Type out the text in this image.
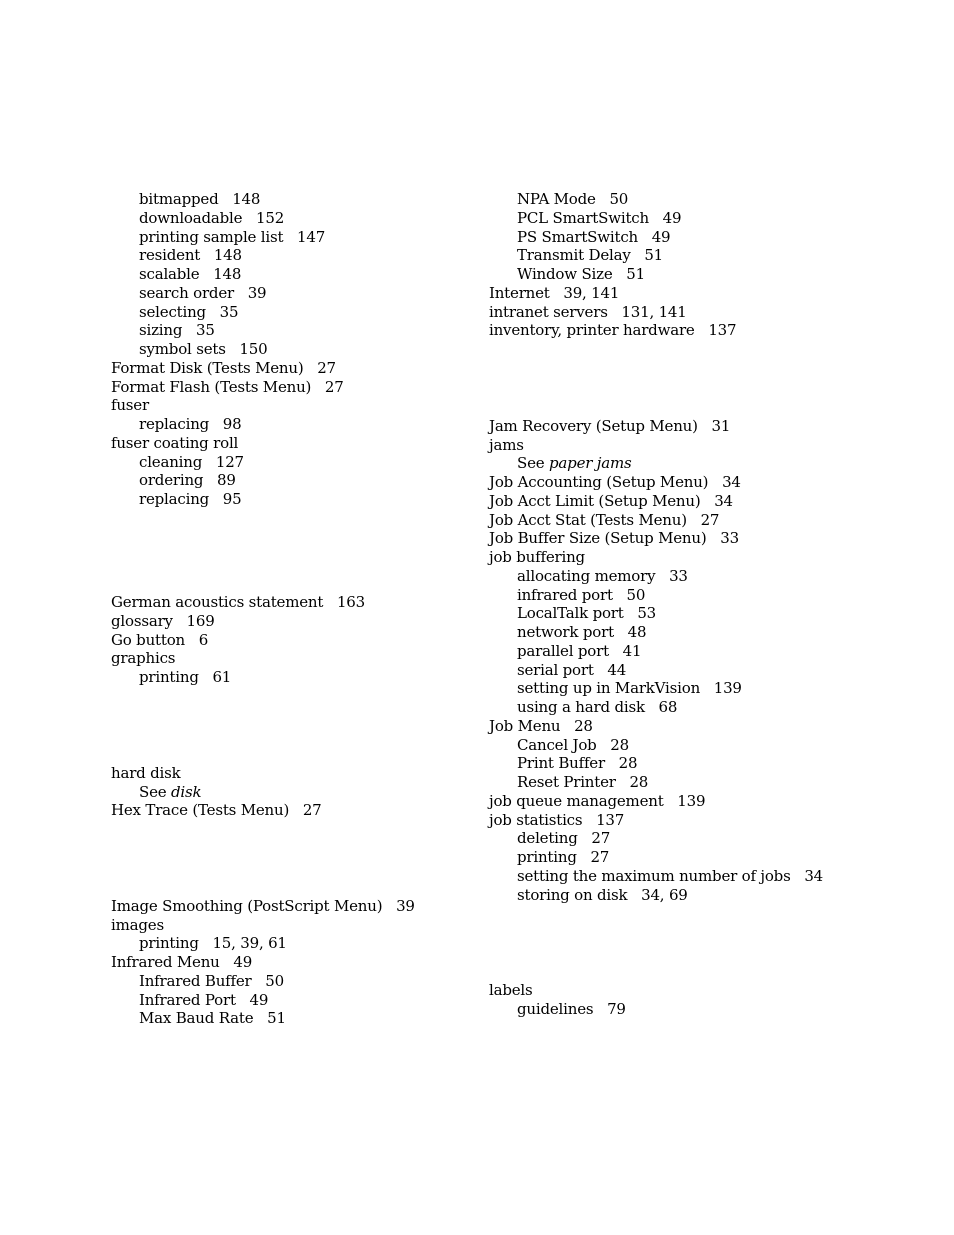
bitmapped 148
downloadable 152
printing sample list 147
resident 148
scalable 148
search order 39
selecting 35
sizing 35
symbol sets 150
Format Disk (Tests Menu) 27
Format Flash (Tests Menu) 27
fuser
replacing 98
fuser coating roll
cleaning 127
ordering 89
replacing 95
German acoustics statement 163
glossary 169
Go button 6
graphics
printing 61
hard disk
See disk
Hex Trace (Tests Menu) 27
Image Smoothing (PostScript Menu) 39
images
printing 15, 39, 61
Infrared Menu 49
Infrared Buffer 50
Infrared Port 49
Max Baud Rate 51
NPA Mode 50
PCL SmartSwitch 49
PS SmartSwitch 49
Transmit Delay 51
Window Size 51
Internet 39, 141
intranet servers 131, 141
inventory, printer hardware 137
Jam Recovery (Setup Menu) 31
jams
See paper jams
Job Accounting (Setup Menu) 34
Job Acct Limit (Setup Menu) 34
Job Acct Stat (Tests Menu) 27
Job Buffer Size (Setup Menu) 33
job buffering
allocating memory 33
infrared port 50
LocalTalk port 53
network port 48
parallel port 41
serial port 44
setting up in MarkVision 139
using a hard disk 68
Job Menu 28
Cancel Job 28
Print Buffer 28
Reset Printer 28
job queue management 139
job statistics 137
deleting 27
printing 27
setting the maximum number of jobs 34
storing on disk 34, 69
labels
guidelines 79
